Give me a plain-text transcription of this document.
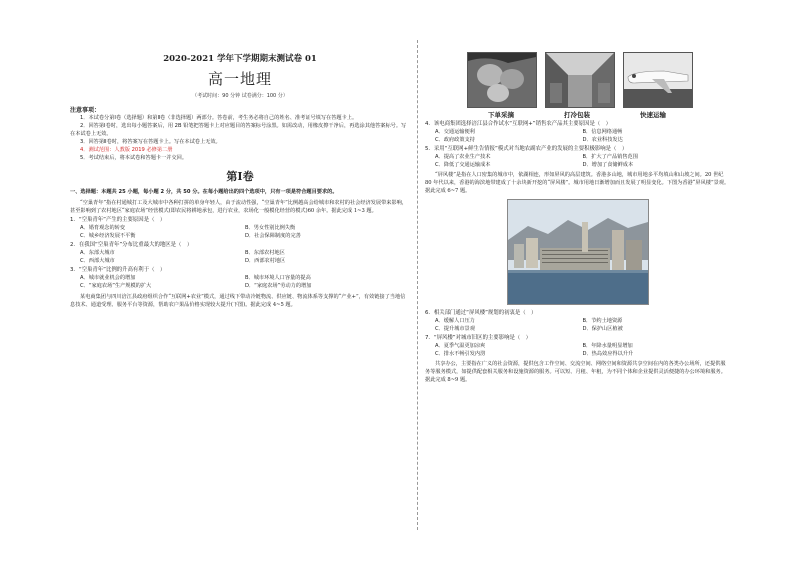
2020-2021 学年下学期期末测试卷 01
高一地理
（考试时间：90 分钟 试卷满分：100 分）
注意事项：
1．本试卷分第Ⅰ卷（选择题）和第Ⅱ卷（非选择题）两部分。答卷前，考生务必将自己的姓名、准考证号填写在答题卡上。
2．回答第Ⅰ卷时，选出每小题答案后，用 2B 铅笔把答题卡上对应题目的答案标号涂黑。如需改动，用橡皮擦干净后，再选涂其他答案标号。写在本试卷上无效。
3．回答第Ⅱ卷时，将答案写在答题卡上。写在本试卷上无效。
4．测试范围：人教版 2019 必修第二册
5．考试结束后，将本试卷和答题卡一并交回。
第Ⅰ卷
一、选择题：本题共 25 小题，每小题 2 分，共 50 分。在每小题给出的四个选项中，只有一项是符合题目要求的。
“空巢青年”指在村通城打工及大城市中各种打拼的单身年轻人，由于流动性强，“空巢青年”比例越高会给城市和农村的社会经济发展带来影响，甚至影响到了农村地区“家庭农场”经营模式(即农民将耕地承包，进行农业，农场化一般模化经营的模式)60 余年。据此完成 1~3 题。
1．“空巢青年”产生的主要原因是（　）
A．婚育观念的转变	B．男女性别比例失衡
C．城乡经济发展不平衡	D．社会保障制度的完善
2．在我国“空巢青年”分布比重最大的地区是（　）
A．东部大城市	B．东部农村地区
C．西部大城市	D．西部农村地区
3．“空巢青年”比例的升高有利于（　）
A．城市就业机会的增加	B．城市环境人口容量的提高
C．“家庭农场”生产规模的扩大	D．“家庭农场”劳动力的增加
某电商集团与四川涪江县政府组织合作“互联网+农业”模式，通过线下带动冷链物流、供应链、物流体系等支撑的“产业+”，有效链接了当地信息技术、通道受理、服务平台等资源，帮助农户果品价格实现较大提升(下图)。据此完成 4~5 题。
下单采摘	打冷包装	快速运输
4．该电商集团选择涪江县合作试水“互联网+”销售农产品其主要原因是（　）
A．交通运输便利	B．信息网络通畅
C．政府政策支持	D．农业科技发达
5．采用“互联网+鲜生告情报”模式对当地农副农产业的发展的主要积极影响是（　）
A．提高了农业生产技术	B．扩大了产品销售范围
C．降低了交通运输成本	D．增加了食储鲜成本
“屏风楼”是指在人口密集的城市中，依湖相连，形如屏风的高层建筑。香港多山地，城市用地多平均填山和山坡之间。20 世纪 80 年代以来，香港的海滨地带建成了十余块新开挖的“屏风楼”。城市用地日渐增加而且发展了明显变化。下图为香港“屏风楼”景观。据此完成 6~7 题。
6．相关部门通过“屏风楼”规划的初衷是（　）
A．缓解人口压力	B．节约土地资源
C．提升城市景观	D．保护山区植被
7．“屏风楼”对城市旧区的主要影响是（　）
A．夏季气温更加凉爽	B．年降水量明显增加
C．排水不畅引发内涝	D．热岛效应得以升升
共享办公，主要指在广义的社会资源，提供包含工作空间、交流空间、网络空间和资源共享空间在内的各类办公场所，还提供服务等服务模式，如提供配套相关服务和设施资源的服务。可以短、月租、年租，为不同个体和企业提供灵活便捷的办公环境和服务。据此完成 8~9 题。
